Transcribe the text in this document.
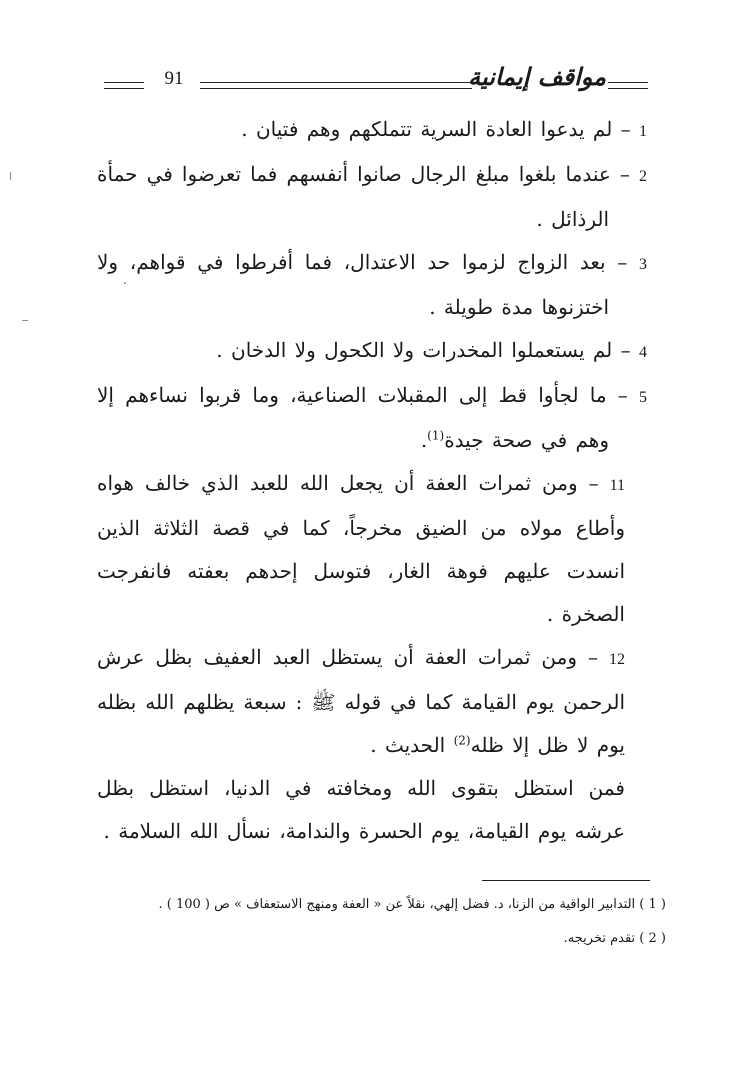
91	مواقف إيمانية

1 – لم يدعوا العادة السرية تتملكهم وهم فتيان .

2 – عندما بلغوا مبلغ الرجال صانوا أنفسهم فما تعرضوا في حمأة الرذائل .

3 – بعد الزواج لزموا حد الاعتدال، فما أفرطوا في قواهم، ولا اختزنوها مدة طويلة .

4 – لم يستعملوا المخدرات ولا الكحول ولا الدخان .

5 – ما لجأوا قط إلى المقبلات الصناعية، وما قربوا نساءهم إلا وهم في صحة جيدة$^{(1)}$.

11 – ومن ثمرات العفة أن يجعل الله للعبد الذي خالف هواه وأطاع مولاه من الضيق مخرجاً، كما في قصة الثلاثة الذين انسدت عليهم فوهة الغار، فتوسل إحدهم بعفته فانفرجت الصخرة .

12 – ومن ثمرات العفة أن يستظل العبد العفيف بظل عرش الرحمن يوم القيامة كما في قوله ﷺ : سبعة يظلهم الله بظله يوم لا ظل إلا ظله$^{(2)}$ الحديث .

فمن استظل بتقوى الله ومخافته في الدنيا، استظل بظل عرشه يوم القيامة، يوم الحسرة والندامة، نسأل الله السلامة .

( 1 ) التدابير الواقية من الزنا، د. فضل إلهي، نقلاً عن « العفة ومنهج الاستعفاف » ص ( 100 ) .

( 2 ) تقدم تخريجه.
